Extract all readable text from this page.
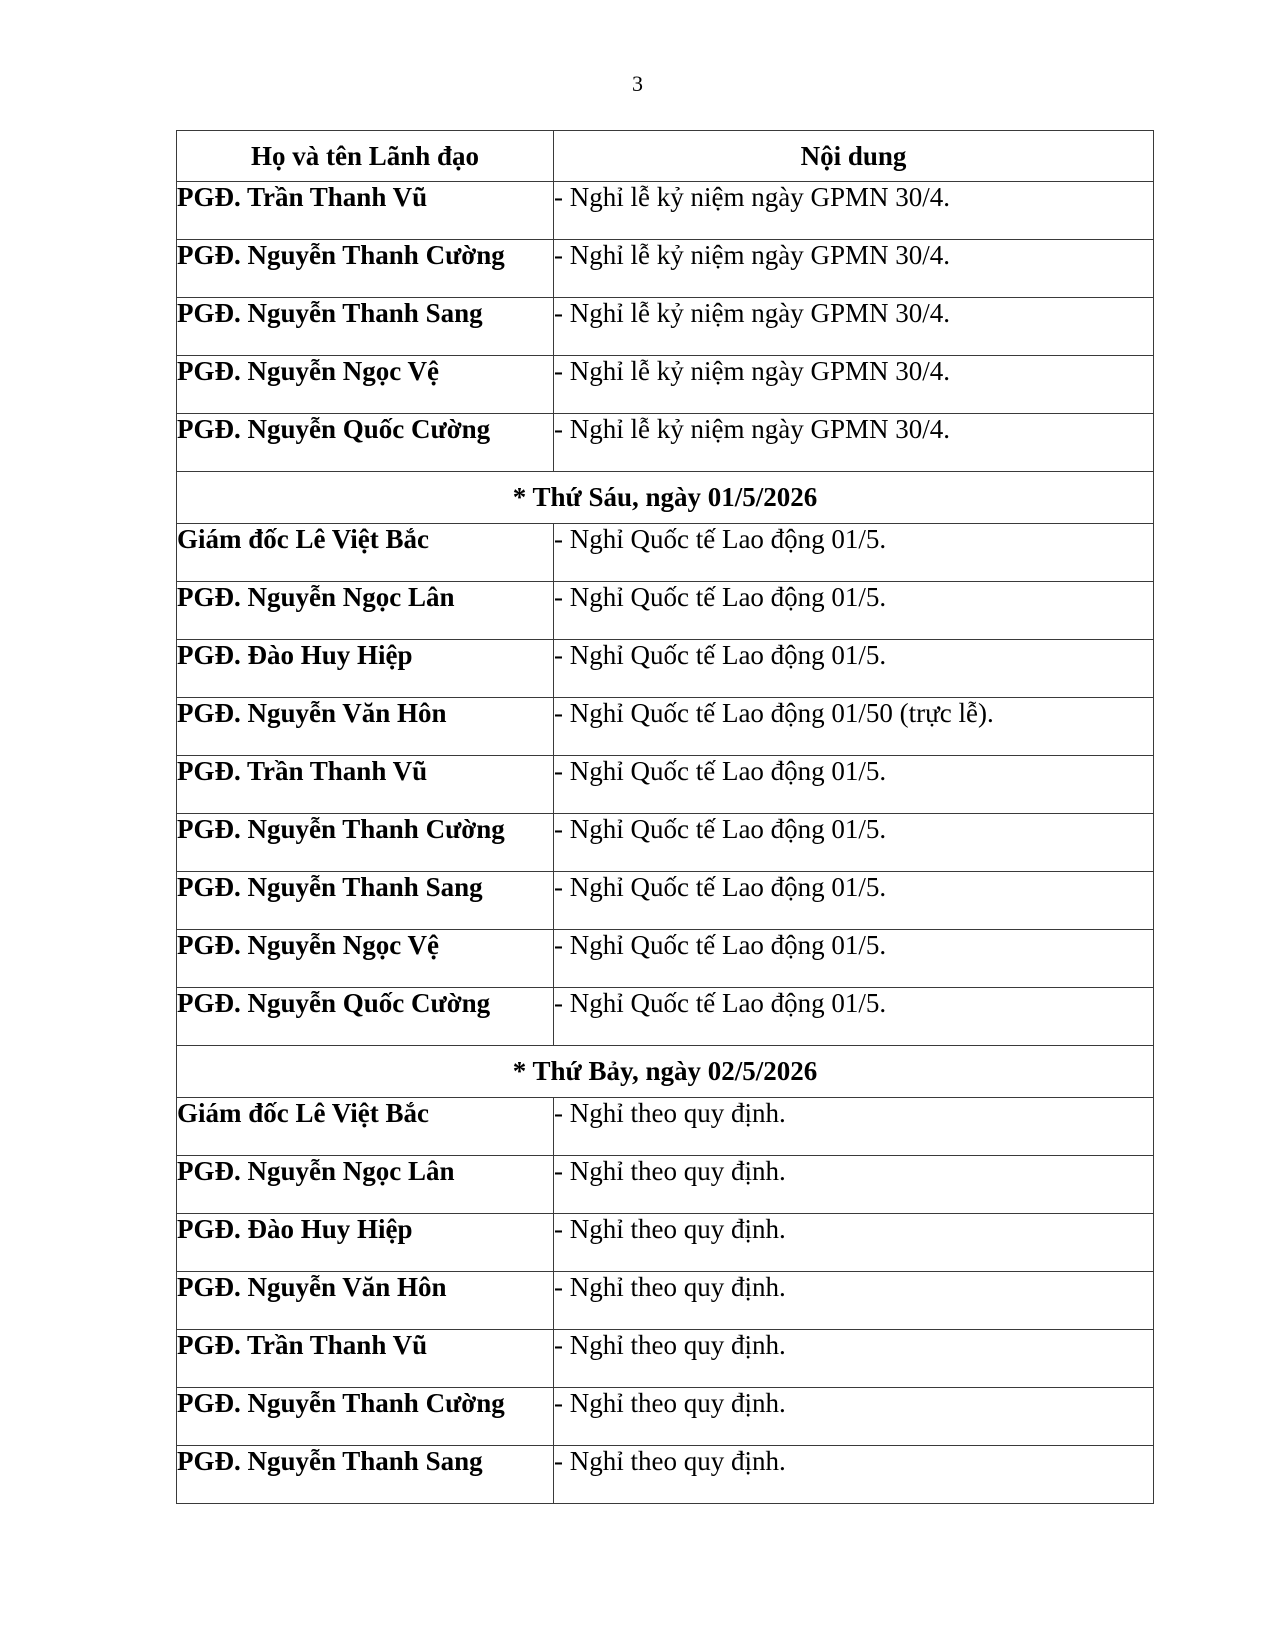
3
Họ và tên Lãnh đạo	Nội dung
PGĐ. Trần Thanh Vũ	- Nghỉ lễ kỷ niệm ngày GPMN 30/4.
PGĐ. Nguyễn Thanh Cường	- Nghỉ lễ kỷ niệm ngày GPMN 30/4.
PGĐ. Nguyễn Thanh Sang	- Nghỉ lễ kỷ niệm ngày GPMN 30/4.
PGĐ. Nguyễn Ngọc Vệ	- Nghỉ lễ kỷ niệm ngày GPMN 30/4.
PGĐ. Nguyễn Quốc Cường	- Nghỉ lễ kỷ niệm ngày GPMN 30/4.
* Thứ Sáu, ngày 01/5/2026	
Giám đốc Lê Việt Bắc	- Nghỉ Quốc tế Lao động 01/5.
PGĐ. Nguyễn Ngọc Lân	- Nghỉ Quốc tế Lao động 01/5.
PGĐ. Đào Huy Hiệp	- Nghỉ Quốc tế Lao động 01/5.
PGĐ. Nguyễn Văn Hôn	- Nghỉ Quốc tế Lao động 01/50 (trực lễ).
PGĐ. Trần Thanh Vũ	- Nghỉ Quốc tế Lao động 01/5.
PGĐ. Nguyễn Thanh Cường	- Nghỉ Quốc tế Lao động 01/5.
PGĐ. Nguyễn Thanh Sang	- Nghỉ Quốc tế Lao động 01/5.
PGĐ. Nguyễn Ngọc Vệ	- Nghỉ Quốc tế Lao động 01/5.
PGĐ. Nguyễn Quốc Cường	- Nghỉ Quốc tế Lao động 01/5.
* Thứ Bảy, ngày 02/5/2026	
Giám đốc Lê Việt Bắc	- Nghỉ theo quy định.
PGĐ. Nguyễn Ngọc Lân	- Nghỉ theo quy định.
PGĐ. Đào Huy Hiệp	- Nghỉ theo quy định.
PGĐ. Nguyễn Văn Hôn	- Nghỉ theo quy định.
PGĐ. Trần Thanh Vũ	- Nghỉ theo quy định.
PGĐ. Nguyễn Thanh Cường	- Nghỉ theo quy định.
PGĐ. Nguyễn Thanh Sang	- Nghỉ theo quy định.
